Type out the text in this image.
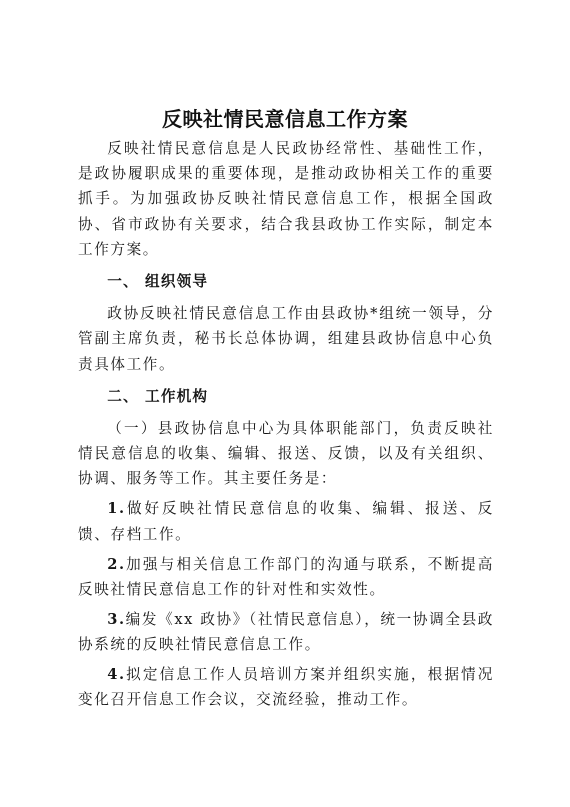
反映社情民意信息工作方案

反映社情民意信息是人民政协经常性、基础性工作，是政协履职成果的重要体现，是推动政协相关工作的重要抓手。为加强政协反映社情民意信息工作，根据全国政协、省市政协有关要求，结合我县政协工作实际，制定本工作方案。

一、 组织领导

政协反映社情民意信息工作由县政协*组统一领导，分管副主席负责，秘书长总体协调，组建县政协信息中心负责具体工作。

二、 工作机构

（一）县政协信息中心为具体职能部门，负责反映社情民意信息的收集、编辑、报送、反馈，以及有关组织、协调、服务等工作。其主要任务是：

1.做好反映社情民意信息的收集、编辑、报送、反馈、存档工作。

2.加强与相关信息工作部门的沟通与联系，不断提高反映社情民意信息工作的针对性和实效性。

3.编发《xx 政协》（社情民意信息），统一协调全县政协系统的反映社情民意信息工作。

4.拟定信息工作人员培训方案并组织实施，根据情况变化召开信息工作会议，交流经验，推动工作。
